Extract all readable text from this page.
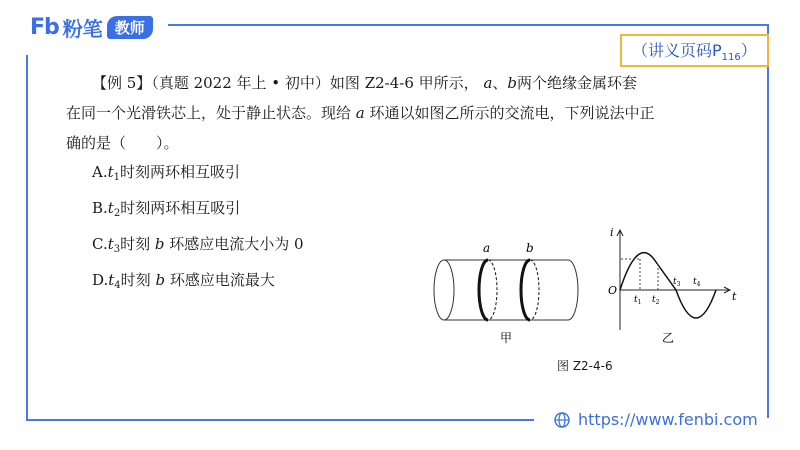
Fb 粉笔 教师
（讲义页码$P_{116}$）
【例 5】（真题 2022 年上 • 初中）如图 Z2-4-6 甲所示， a、b两个绝缘金属环套
在同一个光滑铁芯上，处于静止状态。现给 a 环通以如图乙所示的交流电，下列说法中正
确的是（　　）。
$A.t_1$时刻两环相互吸引
$B.t_2$时刻两环相互吸引
$C.t_3$时刻 b 环感应电流大小为 0
$D.t_4$时刻 b 环感应电流最大
a	b
甲
i
t
O
$t_1$ $t_2$
$t_3$ $t_4$
乙
图 Z2-4-6
https://www.fenbi.com
